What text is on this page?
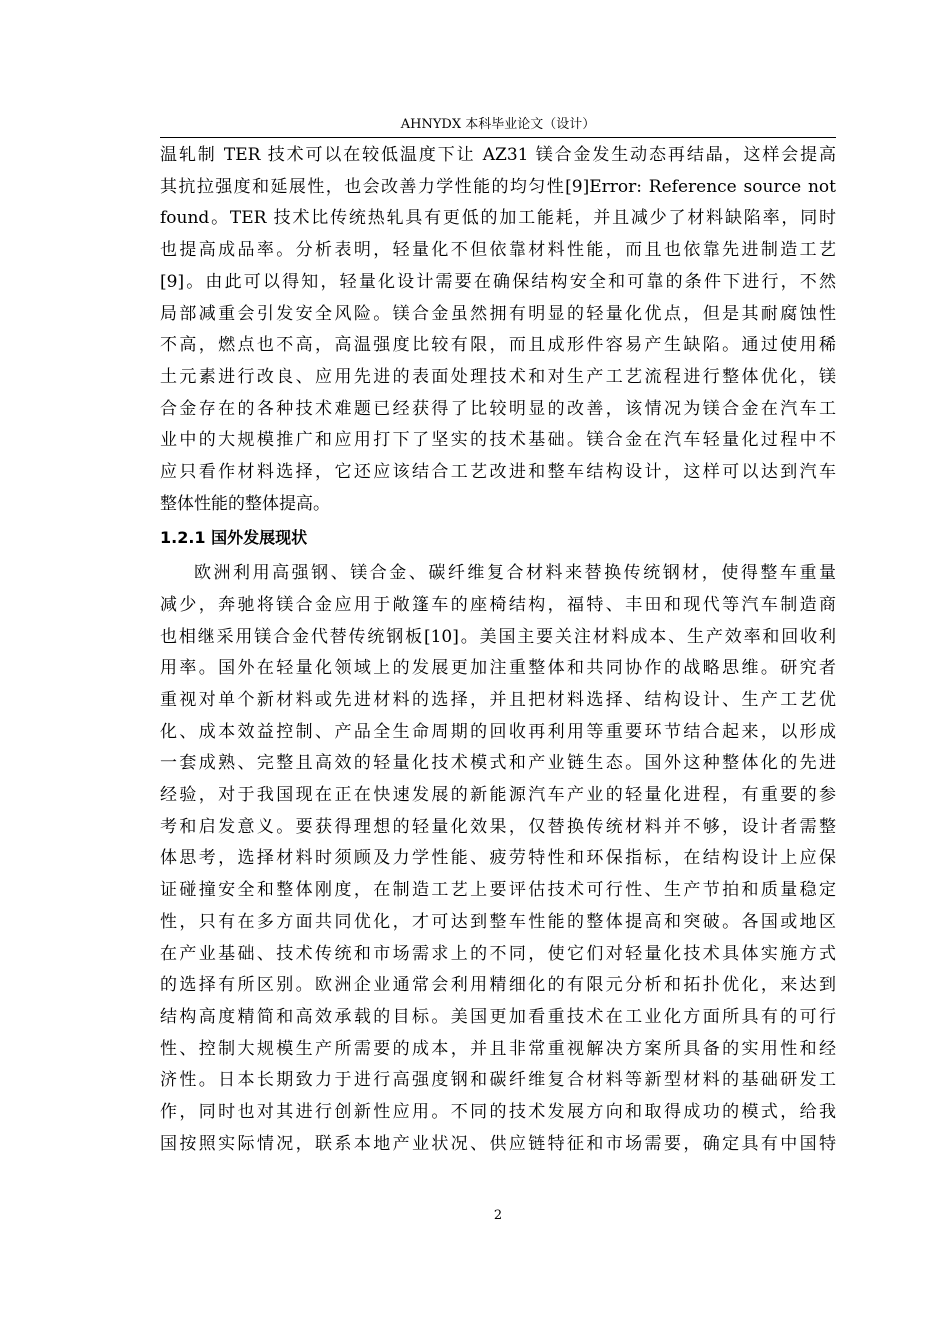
AHNYDX 本科毕业论文（设计）
温轧制 TER 技术可以在较低温度下让 AZ31 镁合金发生动态再结晶，这样会提高
其抗拉强度和延展性，也会改善力学性能的均匀性[9]Error: Reference source not
found。TER 技术比传统热轧具有更低的加工能耗，并且减少了材料缺陷率，同时
也提高成品率。分析表明，轻量化不但依靠材料性能，而且也依靠先进制造工艺
[9]。由此可以得知，轻量化设计需要在确保结构安全和可靠的条件下进行，不然
局部减重会引发安全风险。镁合金虽然拥有明显的轻量化优点，但是其耐腐蚀性
不高，燃点也不高，高温强度比较有限，而且成形件容易产生缺陷。通过使用稀
土元素进行改良、应用先进的表面处理技术和对生产工艺流程进行整体优化，镁
合金存在的各种技术难题已经获得了比较明显的改善，该情况为镁合金在汽车工
业中的大规模推广和应用打下了坚实的技术基础。镁合金在汽车轻量化过程中不
应只看作材料选择，它还应该结合工艺改进和整车结构设计，这样可以达到汽车
整体性能的整体提高。
1.2.1 国外发展现状
欧洲利用高强钢、镁合金、碳纤维复合材料来替换传统钢材，使得整车重量
减少，奔驰将镁合金应用于敞篷车的座椅结构，福特、丰田和现代等汽车制造商
也相继采用镁合金代替传统钢板[10]。美国主要关注材料成本、生产效率和回收利
用率。国外在轻量化领域上的发展更加注重整体和共同协作的战略思维。研究者
重视对单个新材料或先进材料的选择，并且把材料选择、结构设计、生产工艺优
化、成本效益控制、产品全生命周期的回收再利用等重要环节结合起来，以形成
一套成熟、完整且高效的轻量化技术模式和产业链生态。国外这种整体化的先进
经验，对于我国现在正在快速发展的新能源汽车产业的轻量化进程，有重要的参
考和启发意义。要获得理想的轻量化效果，仅替换传统材料并不够，设计者需整
体思考，选择材料时须顾及力学性能、疲劳特性和环保指标，在结构设计上应保
证碰撞安全和整体刚度，在制造工艺上要评估技术可行性、生产节拍和质量稳定
性，只有在多方面共同优化，才可达到整车性能的整体提高和突破。各国或地区
在产业基础、技术传统和市场需求上的不同，使它们对轻量化技术具体实施方式
的选择有所区别。欧洲企业通常会利用精细化的有限元分析和拓扑优化，来达到
结构高度精简和高效承载的目标。美国更加看重技术在工业化方面所具有的可行
性、控制大规模生产所需要的成本，并且非常重视解决方案所具备的实用性和经
济性。日本长期致力于进行高强度钢和碳纤维复合材料等新型材料的基础研发工
作，同时也对其进行创新性应用。不同的技术发展方向和取得成功的模式，给我
国按照实际情况，联系本地产业状况、供应链特征和市场需要，确定具有中国特
2
